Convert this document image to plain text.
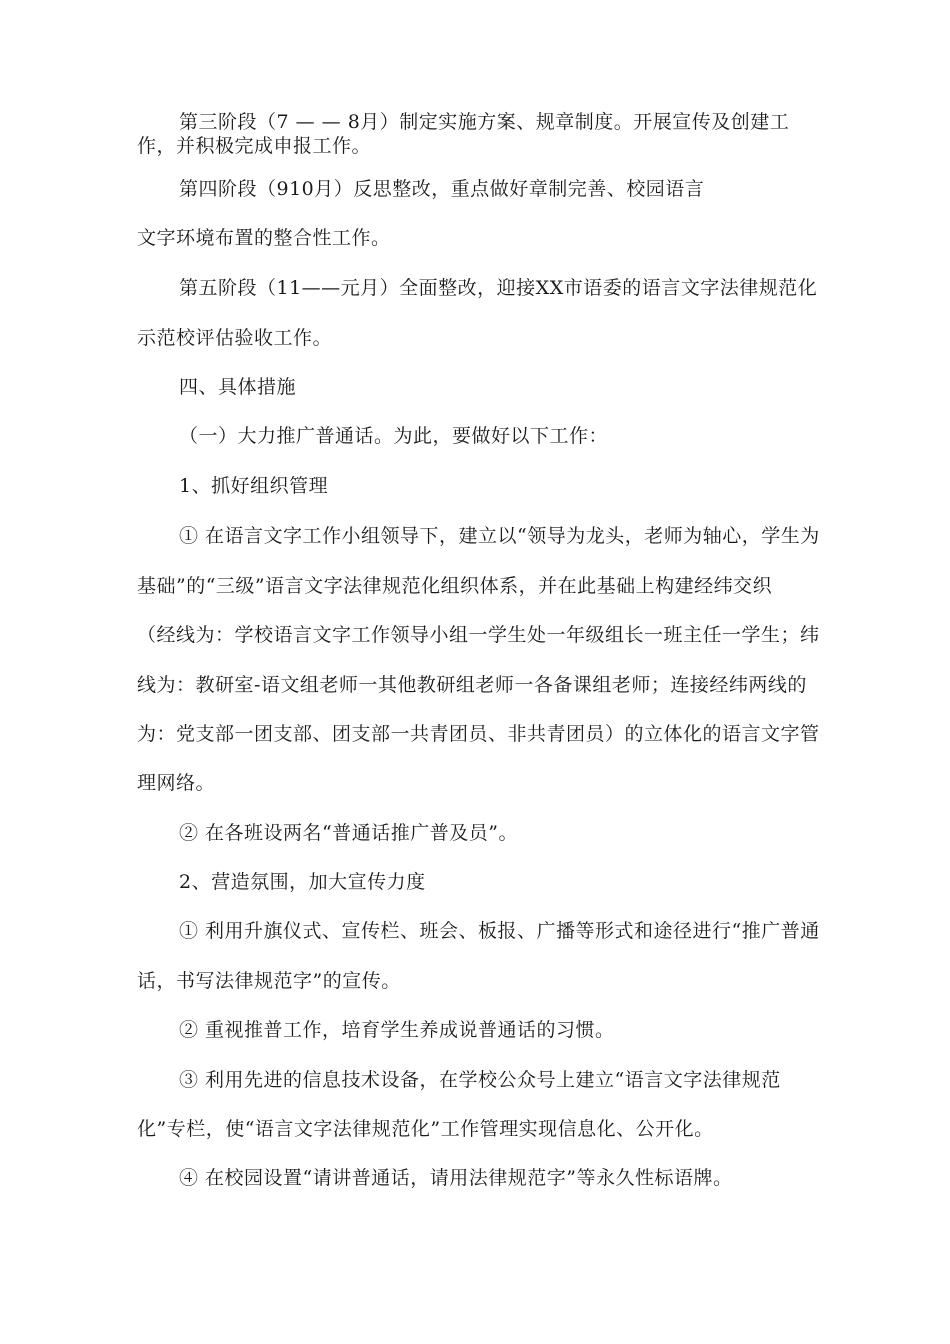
第三阶段（7 — — 8月）制定实施方案、规章制度。开展宣传及创建工
作，并积极完成申报工作。
第四阶段（910月）反思整改，重点做好章制完善、校园语言
文字环境布置的整合性工作。
第五阶段（11——元月）全面整改，迎接XX市语委的语言文字法律规范化
示范校评估验收工作。
四、具体措施
（一）大力推广普通话。为此，要做好以下工作：
1、抓好组织管理
① 在语言文字工作小组领导下，建立以“领导为龙头，老师为轴心，学生为
基础”的“三级”语言文字法律规范化组织体系，并在此基础上构建经纬交织
（经线为：学校语言文字工作领导小组一学生处一年级组长一班主任一学生；纬
线为：教研室-语文组老师一其他教研组老师一各备课组老师；连接经纬两线的
为：党支部一团支部、团支部一共青团员、非共青团员）的立体化的语言文字管
理网络。
② 在各班设两名“普通话推广普及员”。
2、营造氛围，加大宣传力度
① 利用升旗仪式、宣传栏、班会、板报、广播等形式和途径进行“推广普通
话，书写法律规范字”的宣传。
② 重视推普工作，培育学生养成说普通话的习惯。
③ 利用先进的信息技术设备，在学校公众号上建立“语言文字法律规范
化”专栏，使“语言文字法律规范化”工作管理实现信息化、公开化。
④ 在校园设置“请讲普通话，请用法律规范字”等永久性标语牌。
